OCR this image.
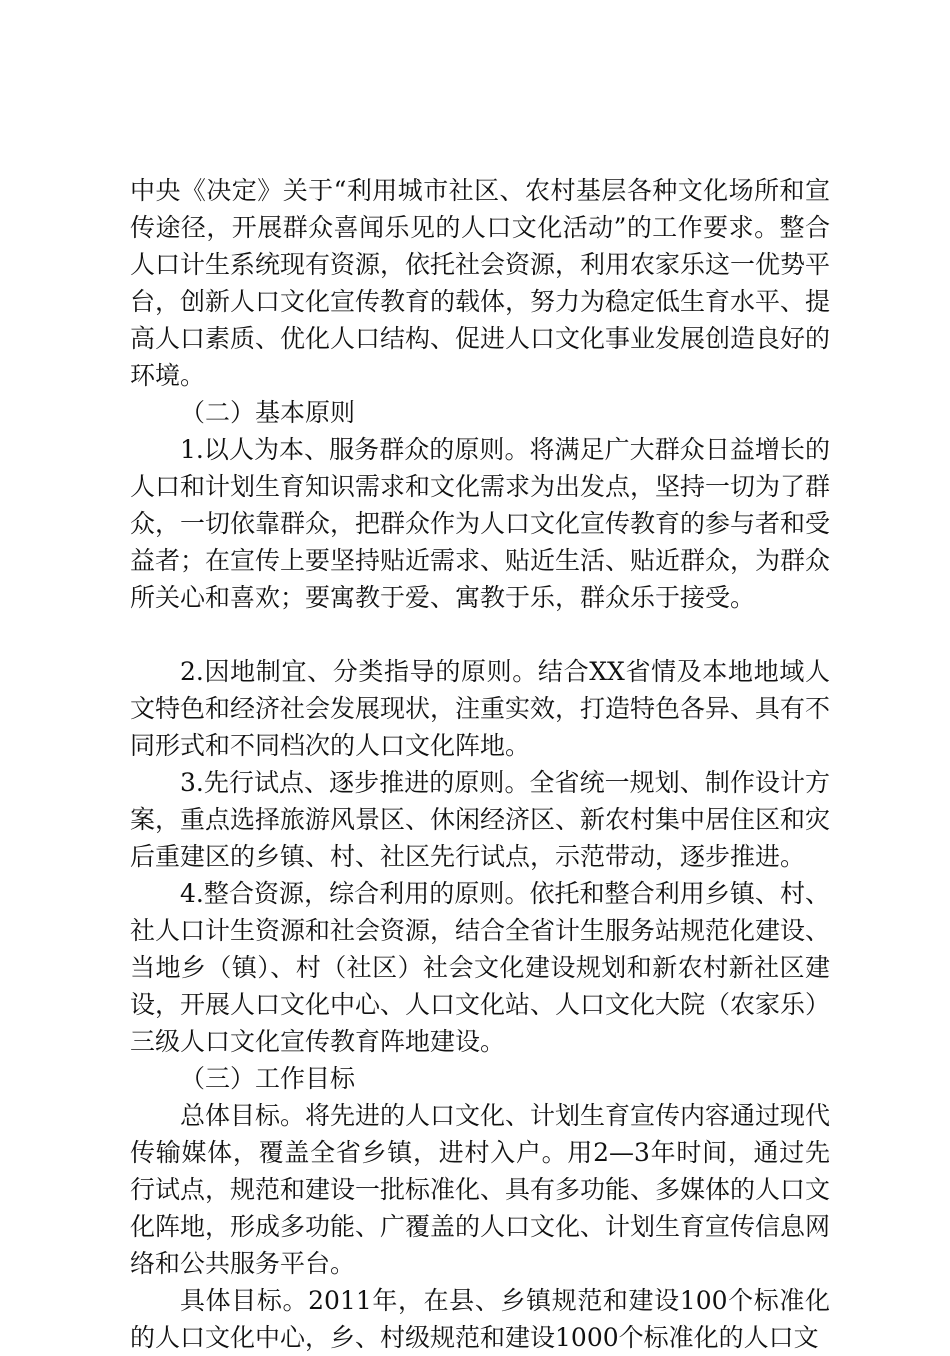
中央《决定》关于“利用城市社区、农村基层各种文化场所和宣传途径，开展群众喜闻乐见的人口文化活动”的工作要求。整合人口计生系统现有资源，依托社会资源，利用农家乐这一优势平台，创新人口文化宣传教育的载体，努力为稳定低生育水平、提高人口素质、优化人口结构、促进人口文化事业发展创造良好的环境。

（二）基本原则

1.以人为本、服务群众的原则。将满足广大群众日益增长的人口和计划生育知识需求和文化需求为出发点，坚持一切为了群众，一切依靠群众，把群众作为人口文化宣传教育的参与者和受益者；在宣传上要坚持贴近需求、贴近生活、贴近群众，为群众所关心和喜欢；要寓教于爱、寓教于乐，群众乐于接受。

2.因地制宜、分类指导的原则。结合XX省情及本地地域人文特色和经济社会发展现状，注重实效，打造特色各异、具有不同形式和不同档次的人口文化阵地。

3.先行试点、逐步推进的原则。全省统一规划、制作设计方案，重点选择旅游风景区、休闲经济区、新农村集中居住区和灾后重建区的乡镇、村、社区先行试点，示范带动，逐步推进。

4.整合资源，综合利用的原则。依托和整合利用乡镇、村、社人口计生资源和社会资源，结合全省计生服务站规范化建设、当地乡（镇）、村（社区）社会文化建设规划和新农村新社区建设，开展人口文化中心、人口文化站、人口文化大院（农家乐）三级人口文化宣传教育阵地建设。

（三）工作目标

总体目标。将先进的人口文化、计划生育宣传内容通过现代传输媒体，覆盖全省乡镇，进村入户。用2—3年时间，通过先行试点，规范和建设一批标准化、具有多功能、多媒体的人口文化阵地，形成多功能、广覆盖的人口文化、计划生育宣传信息网络和公共服务平台。

具体目标。2011年，在县、乡镇规范和建设100个标准化的人口文化中心，乡、村级规范和建设1000个标准化的人口文
